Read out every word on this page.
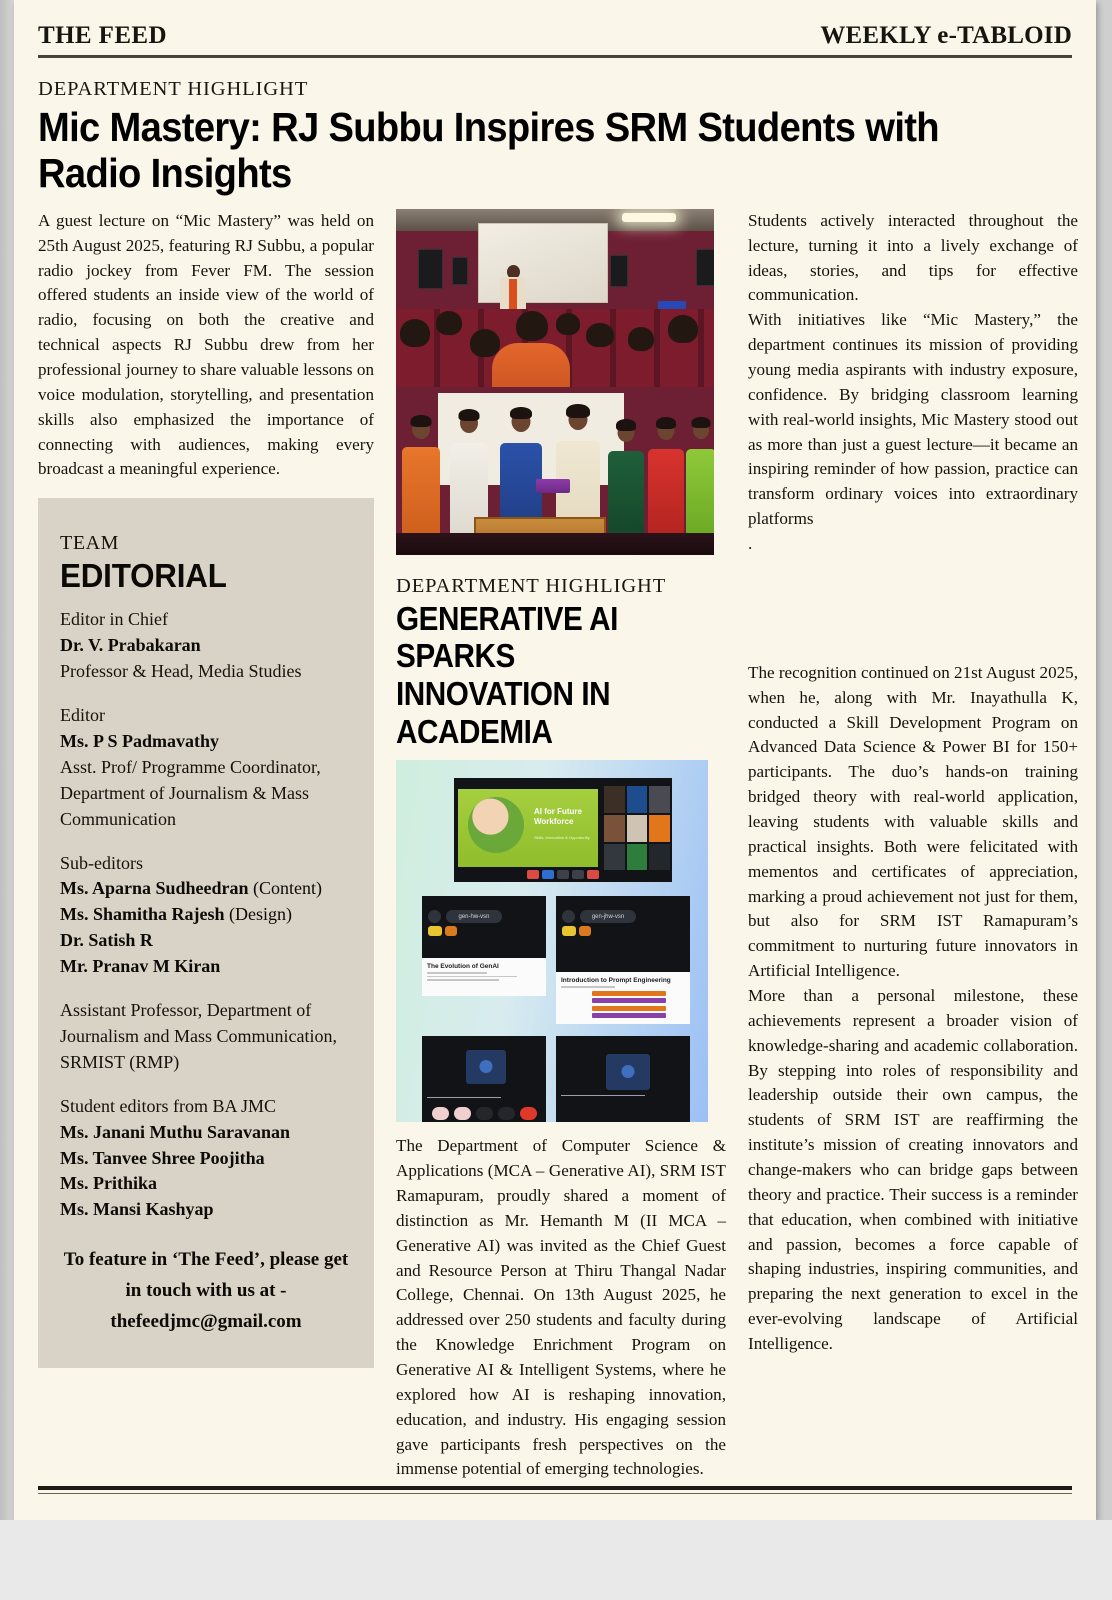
THE FEED	WEEKLY e-TABLOID
DEPARTMENT HIGHLIGHT
Mic Mastery: RJ Subbu Inspires SRM Students with Radio Insights

A guest lecture on “Mic Mastery” was held on 25th August 2025, featuring RJ Subbu, a popular radio jockey from Fever FM. The session offered students an inside view of the world of radio, focusing on both the creative and technical aspects RJ Subbu drew from her professional journey to share valuable lessons on voice modulation, storytelling, and presentation skills also emphasized the importance of connecting with audiences, making every broadcast a meaningful experience.

TEAM
EDITORIAL
Editor in Chief
Dr. V. Prabakaran
Professor & Head, Media Studies
Editor
Ms. P S Padmavathy
Asst. Prof/ Programme Coordinator, Department of Journalism & Mass Communication
Sub-editors
Ms. Aparna Sudheedran (Content)
Ms. Shamitha Rajesh (Design)
Dr. Satish R
Mr. Pranav M Kiran
Assistant Professor, Department of Journalism and Mass Communication, SRMIST (RMP)
Student editors from BA JMC
Ms. Janani Muthu Saravanan
Ms. Tanvee Shree Poojitha
Ms. Prithika
Ms. Mansi Kashyap
To feature in ‘The Feed’, please get
in touch with us at -
thefeedjmc@gmail.com
DEPARTMENT HIGHLIGHT
GENERATIVE AI SPARKS INNOVATION IN ACADEMIA
AI for Future Workforce
Skills, Innovation & Opportunity
gen-hw-vsn
The Evolution of GenAI
gen-jhw-vsn
Introduction to Prompt Engineering

The Department of Computer Science & Applications (MCA – Generative AI), SRM IST Ramapuram, proudly shared a moment of distinction as Mr. Hemanth M (II MCA – Generative AI) was invited as the Chief Guest and Resource Person at Thiru Thangal Nadar College, Chennai. On 13th August 2025, he addressed over 250 students and faculty during the Knowledge Enrichment Program on Generative AI & Intelligent Systems, where he explored how AI is reshaping innovation, education, and industry. His engaging session gave participants fresh perspectives on the immense potential of emerging technologies.

Students actively interacted throughout the lecture, turning it into a lively exchange of ideas, stories, and tips for effective communication.

With initiatives like “Mic Mastery,” the department continues its mission of providing young media aspirants with industry exposure, confidence. By bridging classroom learning with real-world insights, Mic Mastery stood out as more than just a guest lecture—it became an inspiring reminder of how passion, practice can transform ordinary voices into extraordinary platforms

.

The recognition continued on 21st August 2025, when he, along with Mr. Inayathulla K, conducted a Skill Development Program on Advanced Data Science & Power BI for 150+ participants. The duo’s hands-on training bridged theory with real-world application, leaving students with valuable skills and practical insights. Both were felicitated with mementos and certificates of appreciation, marking a proud achievement not just for them, but also for SRM IST Ramapuram’s commitment to nurturing future innovators in Artificial Intelligence.

More than a personal milestone, these achievements represent a broader vision of knowledge-sharing and academic collaboration. By stepping into roles of responsibility and leadership outside their own campus, the students of SRM IST are reaffirming the institute’s mission of creating innovators and change-makers who can bridge gaps between theory and practice. Their success is a reminder that education, when combined with initiative and passion, becomes a force capable of shaping industries, inspiring communities, and preparing the next generation to excel in the ever-evolving landscape of Artificial Intelligence.
